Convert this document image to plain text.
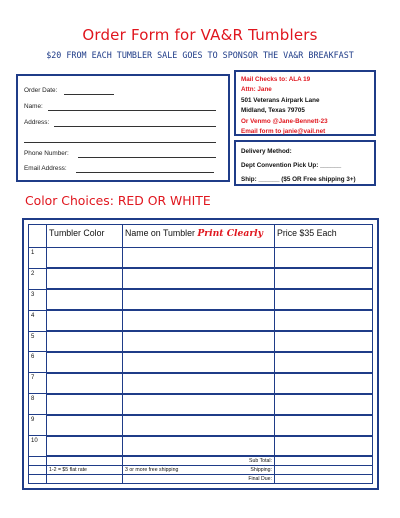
Order Form for VA&R Tumblers
$20 FROM EACH TUMBLER SALE GOES TO SPONSOR THE VA&R BREAKFAST
Order Date:
Name:
Address:
Phone Number:
Email Address:
Mail Checks to: ALA 19
Attn: Jane
501 Veterans Airpark Lane
Midland, Texas 79705
Or Venmo @Jane-Bennett-23
Email form to janie@vail.net
Delivery Method:
Dept Convention Pick Up: ______
Ship: ______ ($5 OR Free shipping 3+)
Color Choices: RED OR WHITE
	Tumbler Color	Name on Tumbler Print Clearly	Price $35 Each
1			
2			
3			
4			
5			
6			
7			
8			
9			
10			
		Sub Total:	
	1-2 = $5 flat rate	3 or more free shipping Shipping:	

		Final Due:	
